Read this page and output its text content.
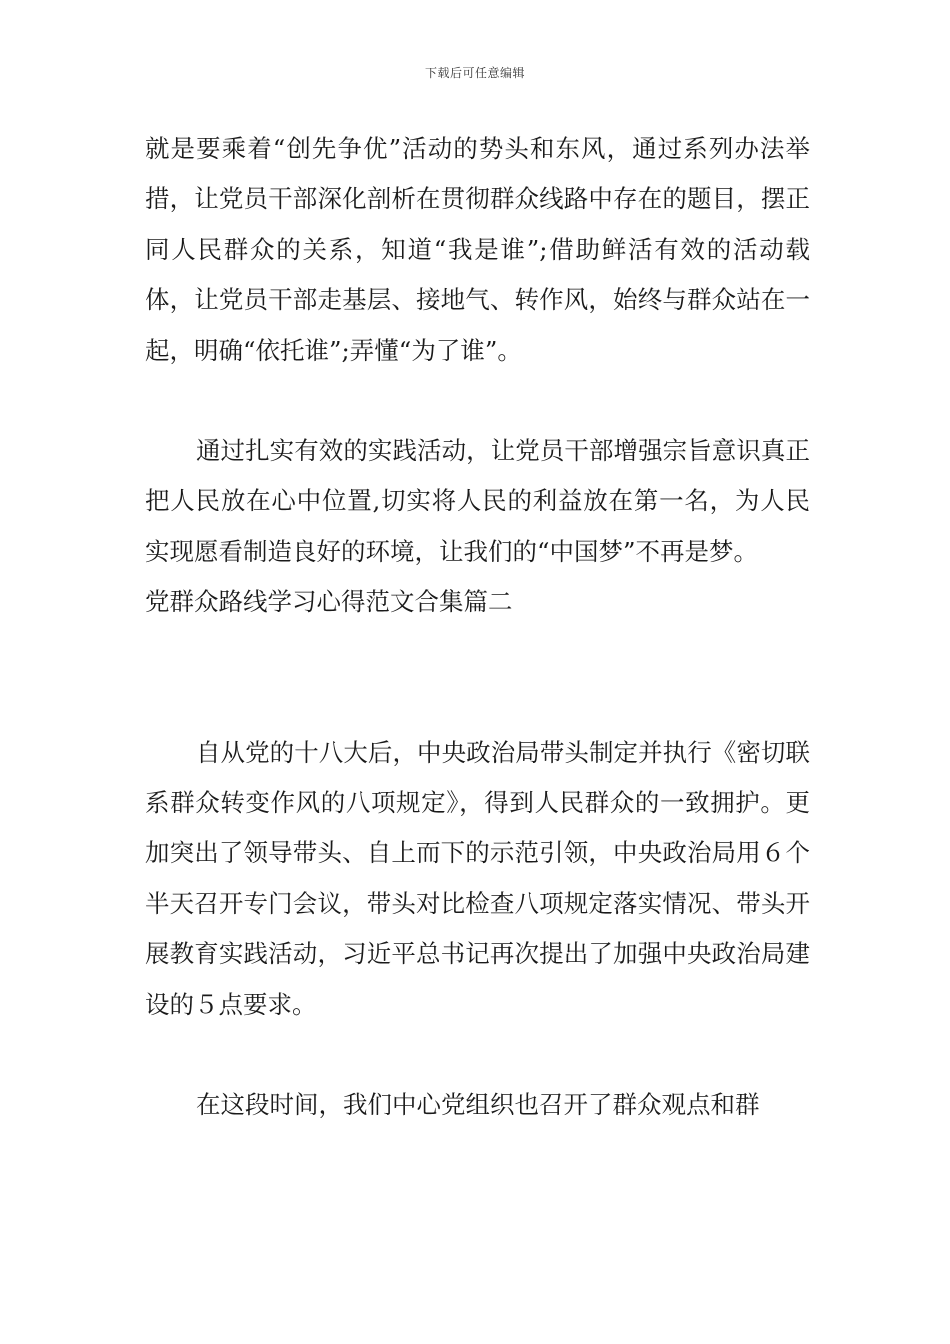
下载后可任意编辑

就是要乘着“创先争优”活动的势头和东风，通过系列办法举措，让党员干部深化剖析在贯彻群众线路中存在的题目，摆正同人民群众的关系，知道“我是谁”;借助鲜活有效的活动载体，让党员干部走基层、接地气、转作风，始终与群众站在一起，明确“依托谁”;弄懂“为了谁”。

通过扎实有效的实践活动，让党员干部增强宗旨意识真正把人民放在心中位置,切实将人民的利益放在第一名，为人民实现愿看制造良好的环境，让我们的“中国梦”不再是梦。

党群众路线学习心得范文合集篇二

自从党的十八大后，中央政治局带头制定并执行《密切联系群众转变作风的八项规定》，得到人民群众的一致拥护。更加突出了领导带头、自上而下的示范引领，中央政治局用６个半天召开专门会议，带头对比检查八项规定落实情况、带头开展教育实践活动，习近平总书记再次提出了加强中央政治局建设的５点要求。

在这段时间，我们中心党组织也召开了群众观点和群
